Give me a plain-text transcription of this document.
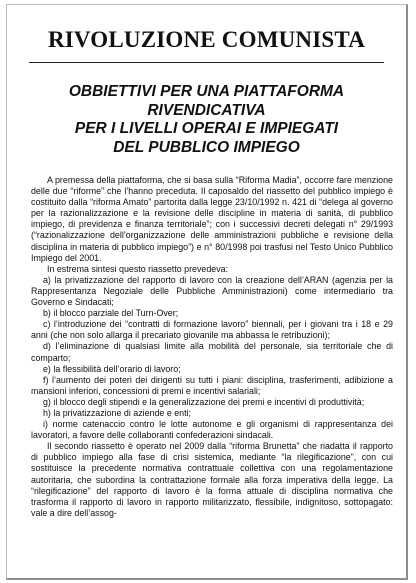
RIVOLUZIONE COMUNISTA
OBBIETTIVI PER UNA PIATTAFORMA
RIVENDICATIVA
PER I LIVELLI OPERAI E IMPIEGATI
DEL PUBBLICO IMPIEGO

A premessa della piattaforma, che si basa sulla “Riforma Madia”, occorre fare menzione delle due “riforme” che l’hanno preceduta. Il caposaldo del riassetto del pubblico impiego è costituito dalla “riforma Amato” partorita dalla legge 23/10/1992 n. 421 di “delega al governo per la razionalizzazione e la revisione delle discipline in materia di sanità, di pubblico impiego, di previdenza e finanza territoriale”; con i successivi decreti delegati n° 29/1993 (“razionalizzazione dell’organizzazione delle amministrazioni pubbliche e revisione della disciplina in materia di pubblico impiego”) e n° 80/1998 poi trasfusi nel Testo Unico Pubblico Impiego del 2001.

In estrema sintesi questo riassetto prevedeva:

a) la privatizzazione del rapporto di lavoro con la creazione dell’ARAN (agenzia per la Rappresentanza Negoziale delle Pubbliche Amministrazioni) come intermediario tra Governo e Sindacati;

b) il blocco parziale del Turn-Over;

c) l’introduzione dei “contratti di formazione lavoro” biennali, per i giovani tra i 18 e 29 anni (che non solo allarga il precariato giovanile ma abbassa le retribuzioni);

d) l’eliminazione di qualsiasi limite alla mobilità del personale, sia territoriale che di comparto;

e) la flessibilità dell’orario di lavoro;

f) l’aumento dei poteri dei dirigenti su tutti i piani: disciplina, trasferimenti, adibizione a mansioni inferiori, concessioni di premi e incentivi salariali;

g) il blocco degli stipendi e la generalizzazione dei premi e incentivi di produttività;

h) la privatizzazione di aziende e enti;

i) norme catenaccio contro le lotte autonome e gli organismi di rappresentanza dei lavoratori, a favore delle collaboranti confederazioni sindacali.

Il secondo riassetto è operato nel 2009 dalla “riforma Brunetta” che riadatta il rapporto di pubblico impiego alla fase di crisi sistemica, mediante “la rilegificazione”, con cui sostituisce la precedente normativa contrattuale collettiva con una regolamentazione autoritaria, che subordina la contrattazione formale alla forza imperativa della legge. La “rilegificazione” del rapporto di lavoro è la forma attuale di disciplina normativa che trasforma il rapporto di lavoro in rapporto militarizzato, flessibile, indignitoso, sottopagato: vale a dire dell’assog-
